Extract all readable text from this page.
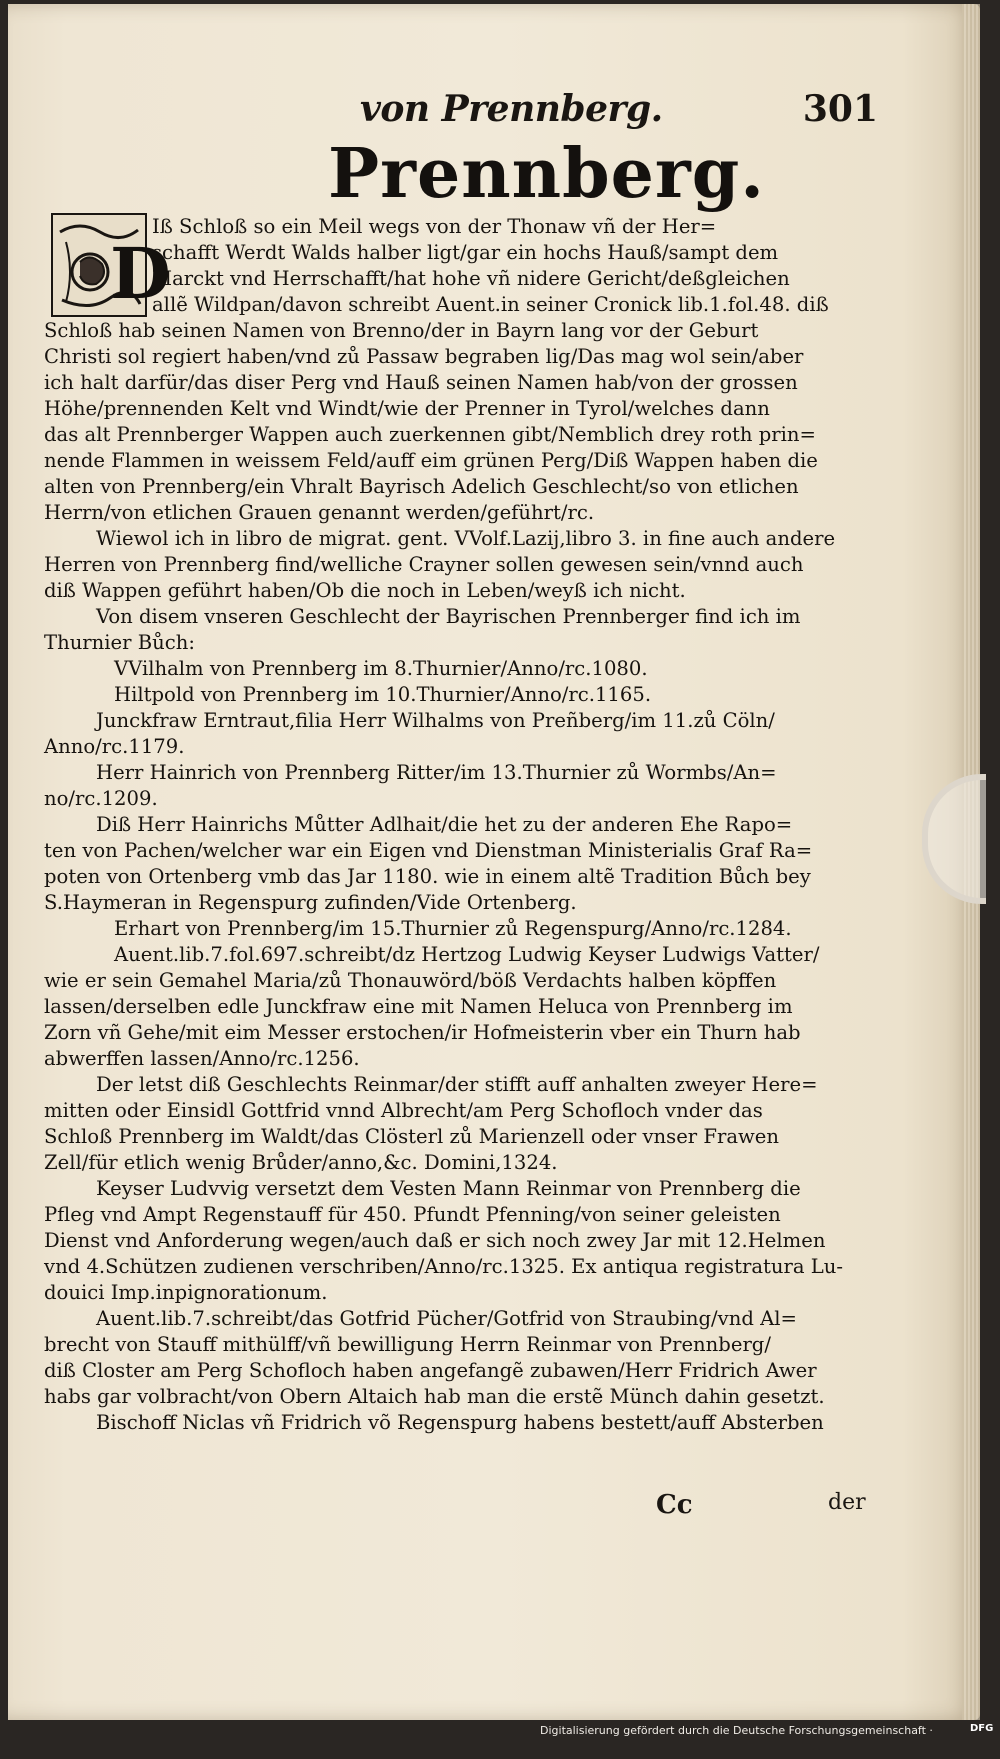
von Prennberg.	301
Prennberg.
Iß Schloß so ein Meil wegs von der Thonaw vñ der Her=
schafft Werdt Walds halber ligt/gar ein hochs Hauß/sampt dem
Marckt vnd Herrschafft/hat hohe vñ nidere Gericht/deßgleichen
allẽ Wildpan/davon schreibt Auent.in seiner Cronick lib.1.fol.48. diß
Schloß hab seinen Namen von Brenno/der in Bayrn lang vor der Geburt
Christi sol regiert haben/vnd zů Passaw begraben lig/Das mag wol sein/aber
ich halt darfür/das diser Perg vnd Hauß seinen Namen hab/von der grossen
Höhe/prennenden Kelt vnd Windt/wie der Prenner in Tyrol/welches dann
das alt Prennberger Wappen auch zuerkennen gibt/Nemblich drey roth prin=
nende Flammen in weissem Feld/auff eim grünen Perg/Diß Wappen haben die
alten von Prennberg/ein Vhralt Bayrisch Adelich Geschlecht/so von etlichen
Herrn/von etlichen Grauen genannt werden/geführt/rc.
Wiewol ich in libro de migrat. gent. VVolf.Lazij,libro 3. in fine auch andere
Herren von Prennberg find/welliche Crayner sollen gewesen sein/vnnd auch
diß Wappen geführt haben/Ob die noch in Leben/weyß ich nicht.
Von disem vnseren Geschlecht der Bayrischen Prennberger find ich im
Thurnier Bůch:
VVilhalm von Prennberg im 8.Thurnier/Anno/rc.1080.
Hiltpold von Prennberg im 10.Thurnier/Anno/rc.1165.
Junckfraw Erntraut,filia Herr Wilhalms von Preñberg/im 11.zů Cöln/
Anno/rc.1179.
Herr Hainrich von Prennberg Ritter/im 13.Thurnier zů Wormbs/An=
no/rc.1209.
Diß Herr Hainrichs Můtter Adlhait/die het zu der anderen Ehe Rapo=
ten von Pachen/welcher war ein Eigen vnd Dienstman Ministerialis Graf Ra=
poten von Ortenberg vmb das Jar 1180. wie in einem altẽ Tradition Bůch bey
S.Haymeran in Regenspurg zufinden/Vide Ortenberg.
Erhart von Prennberg/im 15.Thurnier zů Regenspurg/Anno/rc.1284.
Auent.lib.7.fol.697.schreibt/dz Hertzog Ludwig Keyser Ludwigs Vatter/
wie er sein Gemahel Maria/zů Thonauwörd/böß Verdachts halben köpffen
lassen/derselben edle Junckfraw eine mit Namen Heluca von Prennberg im
Zorn vñ Gehe/mit eim Messer erstochen/ir Hofmeisterin vber ein Thurn hab
abwerffen lassen/Anno/rc.1256.
Der letst diß Geschlechts Reinmar/der stifft auff anhalten zweyer Here=
mitten oder Einsidl Gottfrid vnnd Albrecht/am Perg Schofloch vnder das
Schloß Prennberg im Waldt/das Clösterl zů Marienzell oder vnser Frawen
Zell/für etlich wenig Brůder/anno,&c. Domini,1324.
Keyser Ludvvig versetzt dem Vesten Mann Reinmar von Prennberg die
Pfleg vnd Ampt Regenstauff für 450. Pfundt Pfenning/von seiner geleisten
Dienst vnd Anforderung wegen/auch daß er sich noch zwey Jar mit 12.Helmen
vnd 4.Schützen zudienen verschriben/Anno/rc.1325. Ex antiqua registratura Lu-
douici Imp.inpignorationum.
Auent.lib.7.schreibt/das Gotfrid Pücher/Gotfrid von Straubing/vnd Al=
brecht von Stauff mithülff/vñ bewilligung Herrn Reinmar von Prennberg/
diß Closter am Perg Schofloch haben angefangẽ zubawen/Herr Fridrich Awer
habs gar volbracht/von Obern Altaich hab man die erstẽ Münch dahin gesetzt.
Bischoff Niclas vñ Fridrich võ Regenspurg habens bestett/auff Absterben
D
Cc	der
Digitalisierung gefördert durch die Deutsche Forschungsgemeinschaft ·	DFG
